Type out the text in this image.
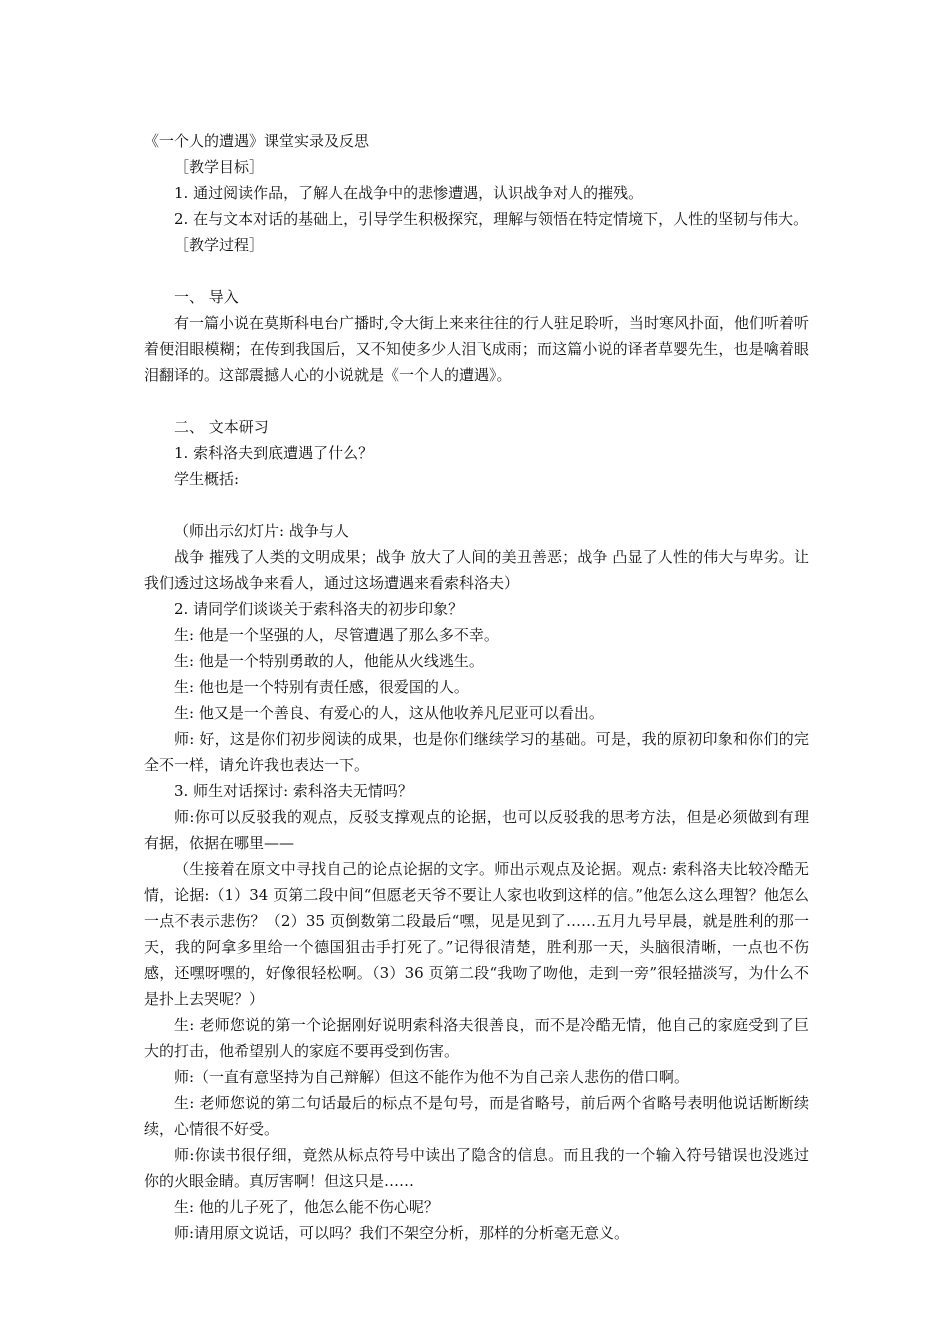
《一个人的遭遇》课堂实录及反思

［教学目标］

1. 通过阅读作品，了解人在战争中的悲惨遭遇，认识战争对人的摧残。

2. 在与文本对话的基础上，引导学生积极探究，理解与领悟在特定情境下，人性的坚韧与伟大。

［教学过程］

一、 导入

有一篇小说在莫斯科电台广播时,令大街上来来往往的行人驻足聆听，当时寒风扑面，他们听着听着便泪眼模糊；在传到我国后，又不知使多少人泪飞成雨；而这篇小说的译者草婴先生，也是噙着眼泪翻译的。这部震撼人心的小说就是《一个人的遭遇》。

二、 文本研习

1. 索科洛夫到底遭遇了什么？

学生概括:

（师出示幻灯片: 战争与人

战争 摧残了人类的文明成果；战争 放大了人间的美丑善恶；战争 凸显了人性的伟大与卑劣。让我们透过这场战争来看人，通过这场遭遇来看索科洛夫）

2. 请同学们谈谈关于索科洛夫的初步印象？

生: 他是一个坚强的人，尽管遭遇了那么多不幸。

生: 他是一个特别勇敢的人，他能从火线逃生。

生: 他也是一个特别有责任感，很爱国的人。

生: 他又是一个善良、有爱心的人，这从他收养凡尼亚可以看出。

师: 好，这是你们初步阅读的成果，也是你们继续学习的基础。可是，我的原初印象和你们的完全不一样，请允许我也表达一下。

3. 师生对话探讨: 索科洛夫无情吗？

师:你可以反驳我的观点，反驳支撑观点的论据，也可以反驳我的思考方法，但是必须做到有理有据，依据在哪里——

（生接着在原文中寻找自己的论点论据的文字。师出示观点及论据。观点: 索科洛夫比较冷酷无情，论据:（1）34 页第二段中间“但愿老天爷不要让人家也收到这样的信。”他怎么这么理智？他怎么一点不表示悲伤？（2）35 页倒数第二段最后“嘿，见是见到了……五月九号早晨，就是胜利的那一天，我的阿拿多里给一个德国狙击手打死了。”记得很清楚，胜利那一天，头脑很清晰，一点也不伤感，还嘿呀嘿的，好像很轻松啊。（3）36 页第二段“我吻了吻他，走到一旁”很轻描淡写，为什么不是扑上去哭呢？）

生: 老师您说的第一个论据刚好说明索科洛夫很善良，而不是冷酷无情，他自己的家庭受到了巨大的打击，他希望别人的家庭不要再受到伤害。

师:（一直有意坚持为自己辩解）但这不能作为他不为自己亲人悲伤的借口啊。

生: 老师您说的第二句话最后的标点不是句号，而是省略号，前后两个省略号表明他说话断断续续，心情很不好受。

师:你读书很仔细，竟然从标点符号中读出了隐含的信息。而且我的一个输入符号错误也没逃过你的火眼金睛。真厉害啊！但这只是……

生: 他的儿子死了，他怎么能不伤心呢？

师:请用原文说话，可以吗？我们不架空分析，那样的分析毫无意义。
